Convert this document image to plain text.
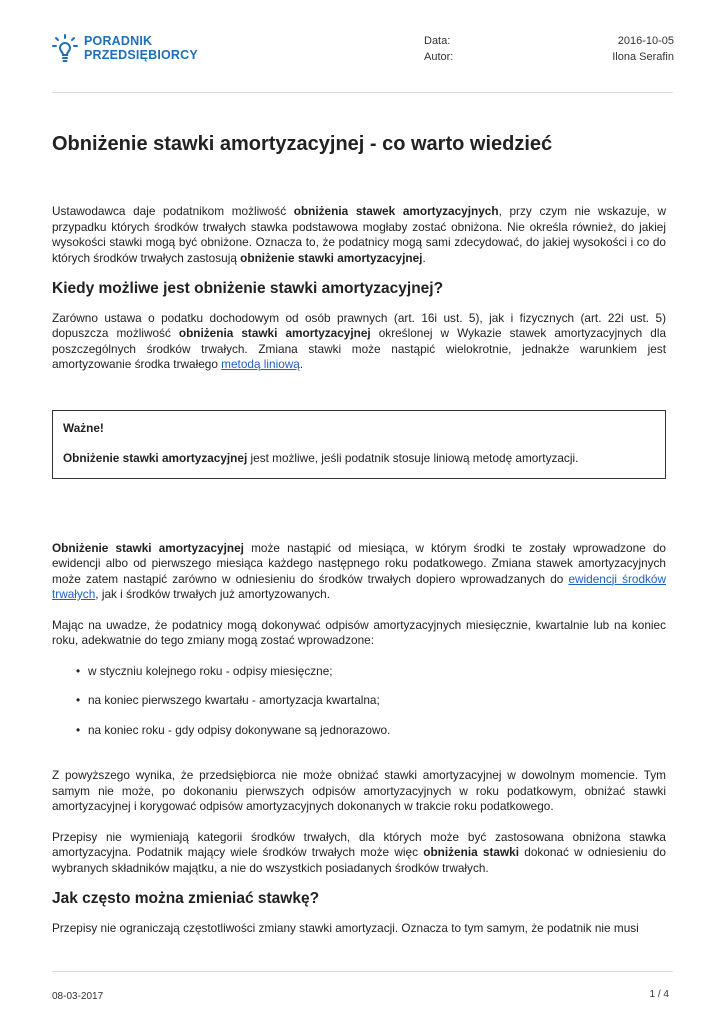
PORADNIK
PRZEDSIĘBIORCY
Data:	2016-10-05
Autor:	Ilona Serafin
Obniżenie stawki amortyzacyjnej - co warto wiedzieć

Ustawodawca daje podatnikom możliwość obniżenia stawek amortyzacyjnych, przy czym nie wskazuje, w przypadku których środków trwałych stawka podstawowa mogłaby zostać obniżona. Nie określa również, do jakiej wysokości stawki mogą być obniżone. Oznacza to, że podatnicy mogą sami zdecydować, do jakiej wysokości i co do których środków trwałych zastosują obniżenie stawki amortyzacyjnej.

Kiedy możliwe jest obniżenie stawki amortyzacyjnej?

Zarówno ustawa o podatku dochodowym od osób prawnych (art. 16i ust. 5), jak i fizycznych (art. 22i ust. 5) dopuszcza możliwość obniżenia stawki amortyzacyjnej określonej w Wykazie stawek amortyzacyjnych dla poszczególnych środków trwałych. Zmiana stawki może nastąpić wielokrotnie, jednakże warunkiem jest amortyzowanie środka trwałego metodą liniową.

Ważne!

Obniżenie stawki amortyzacyjnej jest możliwe, jeśli podatnik stosuje liniową metodę amortyzacji.

Obniżenie stawki amortyzacyjnej może nastąpić od miesiąca, w którym środki te zostały wprowadzone do ewidencji albo od pierwszego miesiąca każdego następnego roku podatkowego. Zmiana stawek amortyzacyjnych może zatem nastąpić zarówno w odniesieniu do środków trwałych dopiero wprowadzanych do ewidencji środków trwałych, jak i środków trwałych już amortyzowanych.

Mając na uwadze, że podatnicy mogą dokonywać odpisów amortyzacyjnych miesięcznie, kwartalnie lub na koniec roku, adekwatnie do tego zmiany mogą zostać wprowadzone:

• w styczniu kolejnego roku - odpisy miesięczne;
• na koniec pierwszego kwartału - amortyzacja kwartalna;
• na koniec roku - gdy odpisy dokonywane są jednorazowo.

Z powyższego wynika, że przedsiębiorca nie może obniżać stawki amortyzacyjnej w dowolnym momencie. Tym samym nie może, po dokonaniu pierwszych odpisów amortyzacyjnych w roku podatkowym, obniżać stawki amortyzacyjnej i korygować odpisów amortyzacyjnych dokonanych w trakcie roku podatkowego.

Przepisy nie wymieniają kategorii środków trwałych, dla których może być zastosowana obniżona stawka amortyzacyjna. Podatnik mający wiele środków trwałych może więc obniżenia stawki dokonać w odniesieniu do wybranych składników majątku, a nie do wszystkich posiadanych środków trwałych.

Jak często można zmieniać stawkę?

Przepisy nie ograniczają częstotliwości zmiany stawki amortyzacji. Oznacza to tym samym, że podatnik nie musi

08-03-2017	1 / 4
